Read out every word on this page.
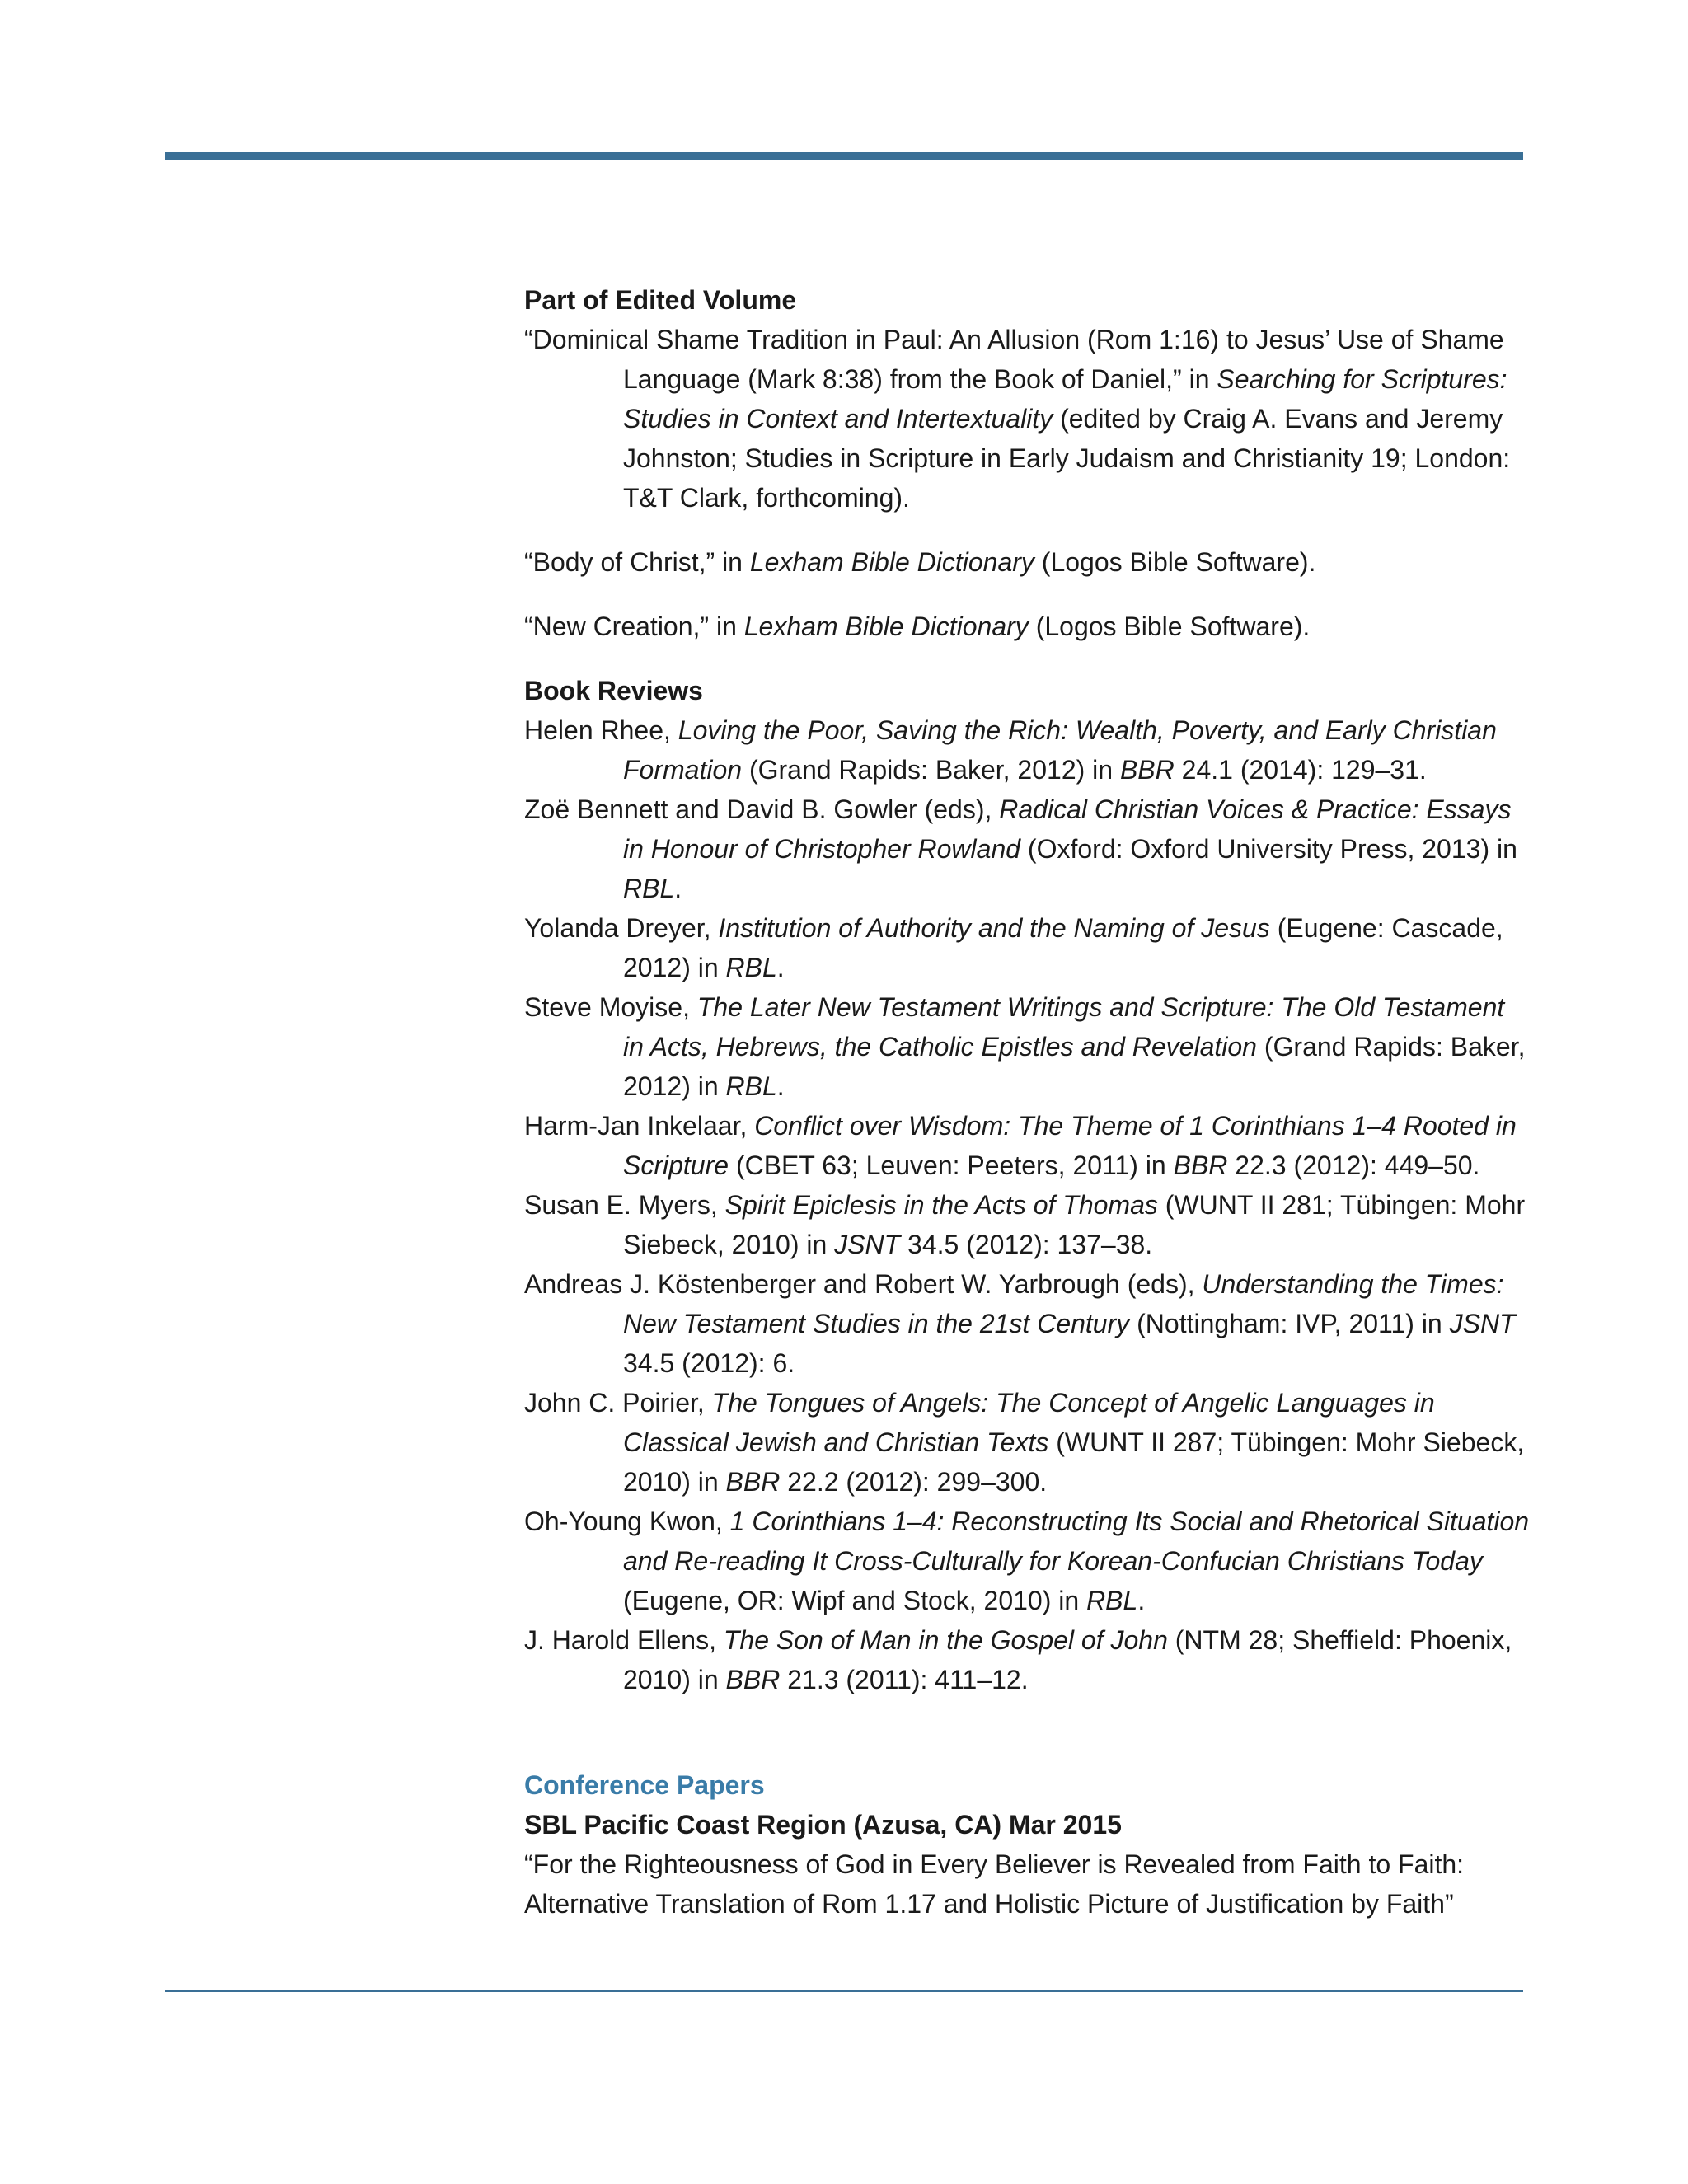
Part of Edited Volume

“Dominical Shame Tradition in Paul: An Allusion (Rom 1:16) to Jesus’ Use of Shame Language (Mark 8:38) from the Book of Daniel,” in Searching for Scriptures: Studies in Context and Intertextuality (edited by Craig A. Evans and Jeremy Johnston; Studies in Scripture in Early Judaism and Christianity 19; London: T&T Clark, forthcoming).

“Body of Christ,” in Lexham Bible Dictionary (Logos Bible Software).

“New Creation,” in Lexham Bible Dictionary (Logos Bible Software).

Book Reviews

Helen Rhee, Loving the Poor, Saving the Rich: Wealth, Poverty, and Early Christian Formation (Grand Rapids: Baker, 2012) in BBR 24.1 (2014): 129–31.

Zoë Bennett and David B. Gowler (eds), Radical Christian Voices & Practice: Essays in Honour of Christopher Rowland (Oxford: Oxford University Press, 2013) in RBL.

Yolanda Dreyer, Institution of Authority and the Naming of Jesus (Eugene: Cascade, 2012) in RBL.

Steve Moyise, The Later New Testament Writings and Scripture: The Old Testament in Acts, Hebrews, the Catholic Epistles and Revelation (Grand Rapids: Baker, 2012) in RBL.

Harm-Jan Inkelaar, Conflict over Wisdom: The Theme of 1 Corinthians 1–4 Rooted in Scripture (CBET 63; Leuven: Peeters, 2011) in BBR 22.3 (2012): 449–50.

Susan E. Myers, Spirit Epiclesis in the Acts of Thomas (WUNT II 281; Tübingen: Mohr Siebeck, 2010) in JSNT 34.5 (2012): 137–38.

Andreas J. Köstenberger and Robert W. Yarbrough (eds), Understanding the Times: New Testament Studies in the 21st Century (Nottingham: IVP, 2011) in JSNT 34.5 (2012): 6.

John C. Poirier, The Tongues of Angels: The Concept of Angelic Languages in Classical Jewish and Christian Texts (WUNT II 287; Tübingen: Mohr Siebeck, 2010) in BBR 22.2 (2012): 299–300.

Oh-Young Kwon, 1 Corinthians 1–4: Reconstructing Its Social and Rhetorical Situation and Re-reading It Cross-Culturally for Korean-Confucian Christians Today (Eugene, OR: Wipf and Stock, 2010) in RBL.

J. Harold Ellens, The Son of Man in the Gospel of John (NTM 28; Sheffield: Phoenix, 2010) in BBR 21.3 (2011): 411–12.

Conference Papers

SBL Pacific Coast Region (Azusa, CA) Mar 2015

“For the Righteousness of God in Every Believer is Revealed from Faith to Faith:

Alternative Translation of Rom 1.17 and Holistic Picture of Justification by Faith”
